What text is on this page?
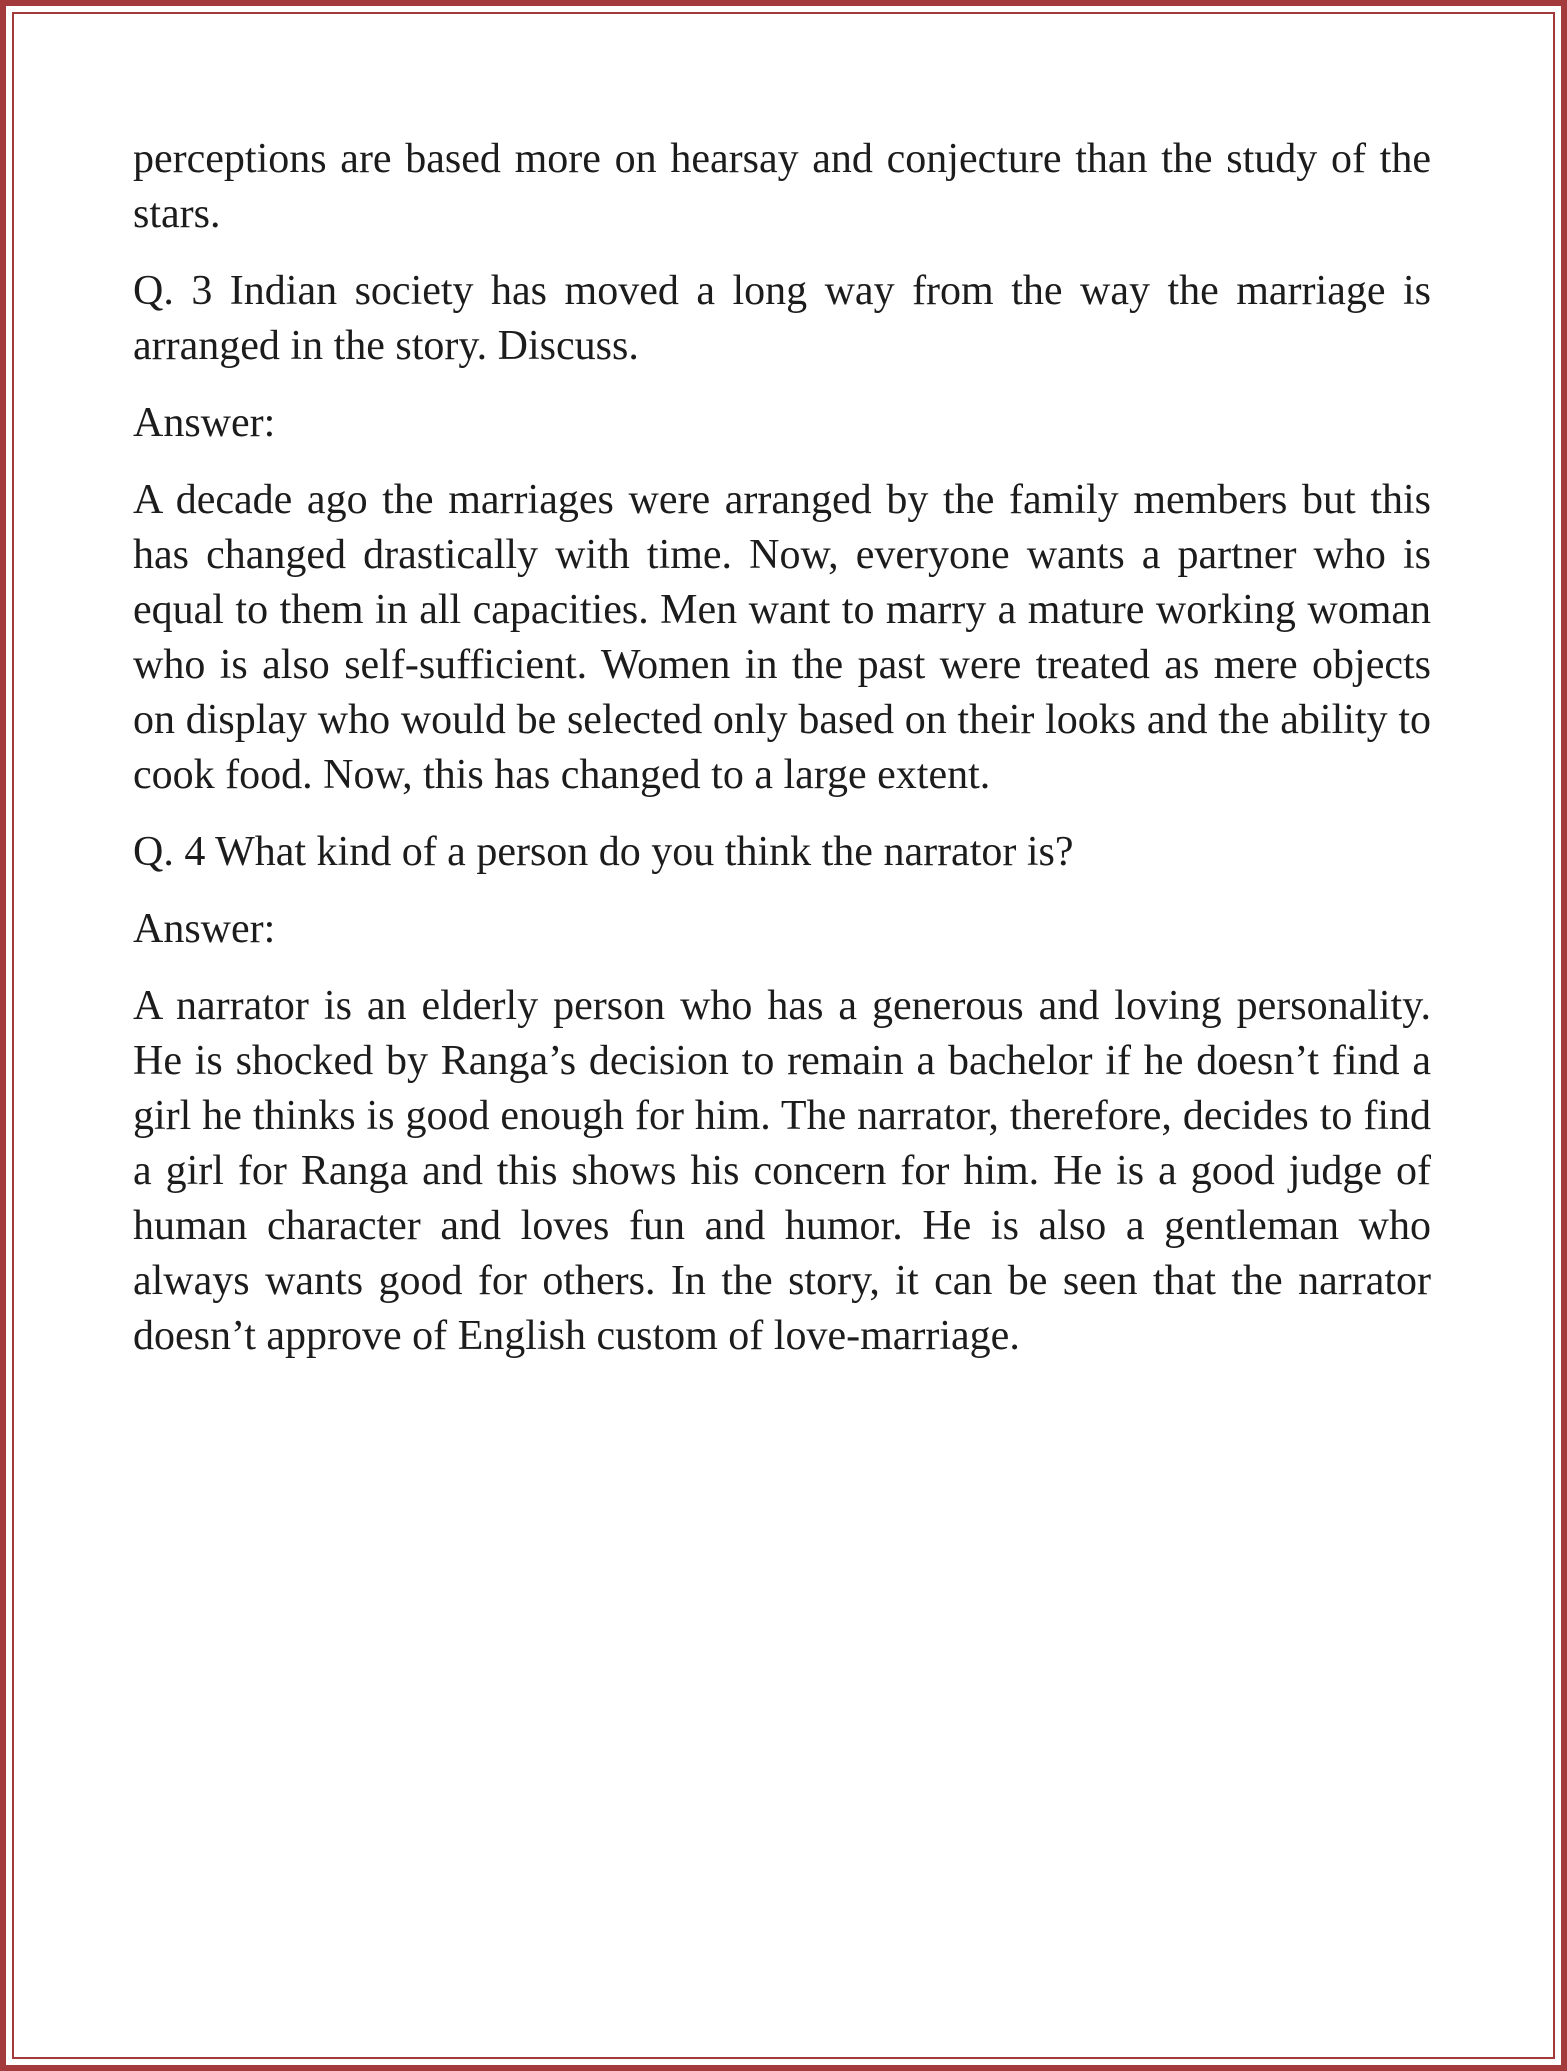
perceptions are based more on hearsay and conjecture than the study of the stars.

Q. 3 Indian society has moved a long way from the way the marriage is arranged in the story. Discuss.

Answer:

A decade ago the marriages were arranged by the family members but this has changed drastically with time. Now, everyone wants a partner who is equal to them in all capacities. Men want to marry a mature working woman who is also self-sufficient. Women in the past were treated as mere objects on display who would be selected only based on their looks and the ability to cook food. Now, this has changed to a large extent.

Q. 4 What kind of a person do you think the narrator is?

Answer:

A narrator is an elderly person who has a generous and loving personality. He is shocked by Ranga’s decision to remain a bachelor if he doesn’t find a girl he thinks is good enough for him. The narrator, therefore, decides to find a girl for Ranga and this shows his concern for him. He is a good judge of human character and loves fun and humor. He is also a gentleman who always wants good for others. In the story, it can be seen that the narrator doesn’t approve of English custom of love-marriage.
